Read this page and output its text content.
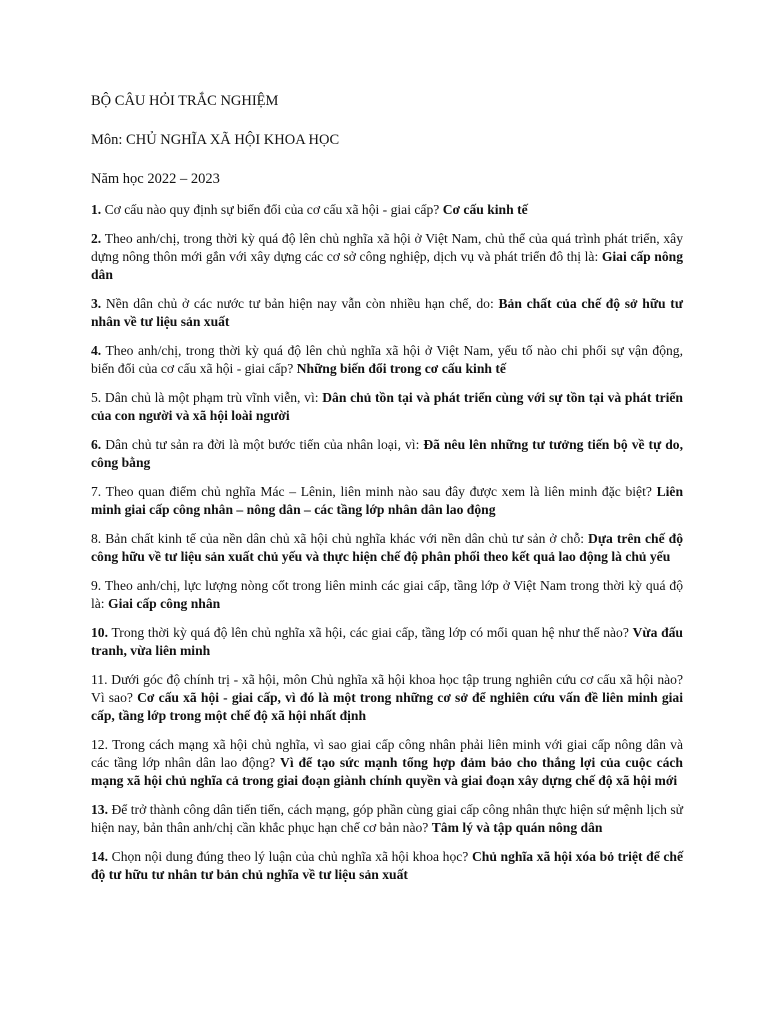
BỘ CÂU HỎI TRẮC NGHIỆM
Môn: CHỦ NGHĨA XÃ HỘI KHOA HỌC
Năm học 2022 – 2023

1. Cơ cấu nào quy định sự biến đổi của cơ cấu xã hội - giai cấp? Cơ cấu kinh tế

2. Theo anh/chị, trong thời kỳ quá độ lên chủ nghĩa xã hội ở Việt Nam, chủ thể của quá trình phát triển, xây dựng nông thôn mới gắn với xây dựng các cơ sở công nghiệp, dịch vụ và phát triển đô thị là: Giai cấp nông dân

3. Nền dân chủ ở các nước tư bản hiện nay vẫn còn nhiều hạn chế, do: Bản chất của chế độ sở hữu tư nhân về tư liệu sản xuất

4. Theo anh/chị, trong thời kỳ quá độ lên chủ nghĩa xã hội ở Việt Nam, yếu tố nào chi phối sự vận động, biến đổi của cơ cấu xã hội - giai cấp? Những biến đổi trong cơ cấu kinh tế

5. Dân chủ là một phạm trù vĩnh viễn, vì: Dân chủ tồn tại và phát triển cùng với sự tồn tại và phát triển của con người và xã hội loài người

6. Dân chủ tư sản ra đời là một bước tiến của nhân loại, vì: Đã nêu lên những tư tưởng tiến bộ về tự do, công bằng

7. Theo quan điểm chủ nghĩa Mác – Lênin, liên minh nào sau đây được xem là liên minh đặc biệt? Liên minh giai cấp công nhân – nông dân – các tầng lớp nhân dân lao động

8. Bản chất kinh tế của nền dân chủ xã hội chủ nghĩa khác với nền dân chủ tư sản ở chỗ: Dựa trên chế độ công hữu về tư liệu sản xuất chủ yếu và thực hiện chế độ phân phối theo kết quả lao động là chủ yếu

9. Theo anh/chị, lực lượng nòng cốt trong liên minh các giai cấp, tầng lớp ở Việt Nam trong thời kỳ quá độ là: Giai cấp công nhân

10. Trong thời kỳ quá độ lên chủ nghĩa xã hội, các giai cấp, tầng lớp có mối quan hệ như thế nào? Vừa đấu tranh, vừa liên minh

11. Dưới góc độ chính trị - xã hội, môn Chủ nghĩa xã hội khoa học tập trung nghiên cứu cơ cấu xã hội nào? Vì sao? Cơ cấu xã hội - giai cấp, vì đó là một trong những cơ sở để nghiên cứu vấn đề liên minh giai cấp, tầng lớp trong một chế độ xã hội nhất định

12. Trong cách mạng xã hội chủ nghĩa, vì sao giai cấp công nhân phải liên minh với giai cấp nông dân và các tầng lớp nhân dân lao động? Vì để tạo sức mạnh tổng hợp đảm bảo cho thắng lợi của cuộc cách mạng xã hội chủ nghĩa cả trong giai đoạn giành chính quyền và giai đoạn xây dựng chế độ xã hội mới

13. Để trở thành công dân tiến tiến, cách mạng, góp phần cùng giai cấp công nhân thực hiện sứ mệnh lịch sử hiện nay, bản thân anh/chị cần khắc phục hạn chế cơ bản nào? Tâm lý và tập quán nông dân

14. Chọn nội dung đúng theo lý luận của chủ nghĩa xã hội khoa học? Chủ nghĩa xã hội xóa bỏ triệt để chế độ tư hữu tư nhân tư bản chủ nghĩa về tư liệu sản xuất
